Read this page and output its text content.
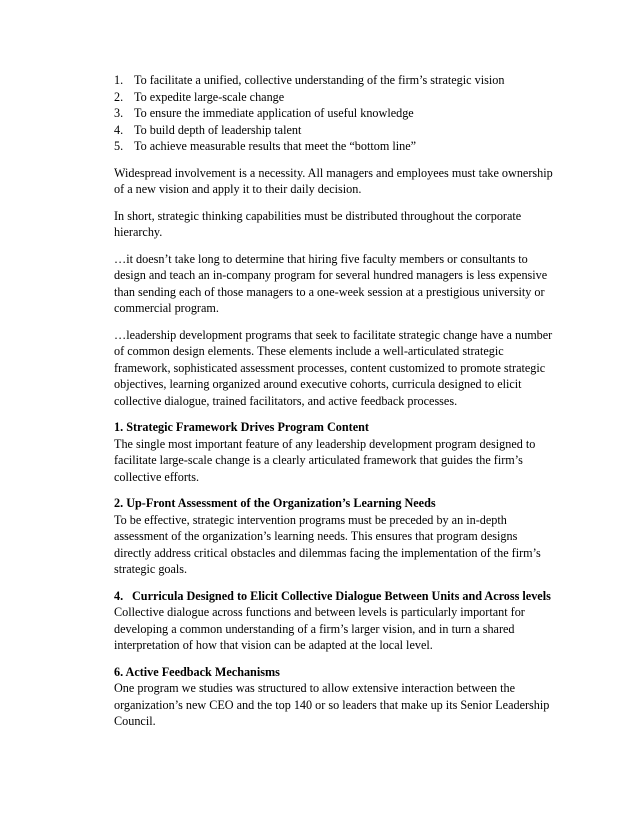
1. To facilitate a unified, collective understanding of the firm’s strategic vision
2. To expedite large-scale change
3. To ensure the immediate application of useful knowledge
4. To build depth of leadership talent
5. To achieve measurable results that meet the “bottom line”

Widespread involvement is a necessity. All managers and employees must take ownership of a new vision and apply it to their daily decision.

In short, strategic thinking capabilities must be distributed throughout the corporate hierarchy.

…it doesn’t take long to determine that hiring five faculty members or consultants to design and teach an in-company program for several hundred managers is less expensive than sending each of those managers to a one-week session at a prestigious university or commercial program.

…leadership development programs that seek to facilitate strategic change have a number of common design elements. These elements include a well-articulated strategic framework, sophisticated assessment processes, content customized to promote strategic objectives, learning organized around executive cohorts, curricula designed to elicit collective dialogue, trained facilitators, and active feedback processes.

1. Strategic Framework Drives Program Content
The single most important feature of any leadership development program designed to facilitate large-scale change is a clearly articulated framework that guides the firm’s collective efforts.
2. Up-Front Assessment of the Organization’s Learning Needs
To be effective, strategic intervention programs must be preceded by an in-depth assessment of the organization’s learning needs. This ensures that program designs directly address critical obstacles and dilemmas facing the implementation of the firm’s strategic goals.
4. Curricula Designed to Elicit Collective Dialogue Between Units and Across levels
Collective dialogue across functions and between levels is particularly important for developing a common understanding of a firm’s larger vision, and in turn a shared interpretation of how that vision can be adapted at the local level.
6. Active Feedback Mechanisms
One program we studies was structured to allow extensive interaction between the organization’s new CEO and the top 140 or so leaders that make up its Senior Leadership Council.
